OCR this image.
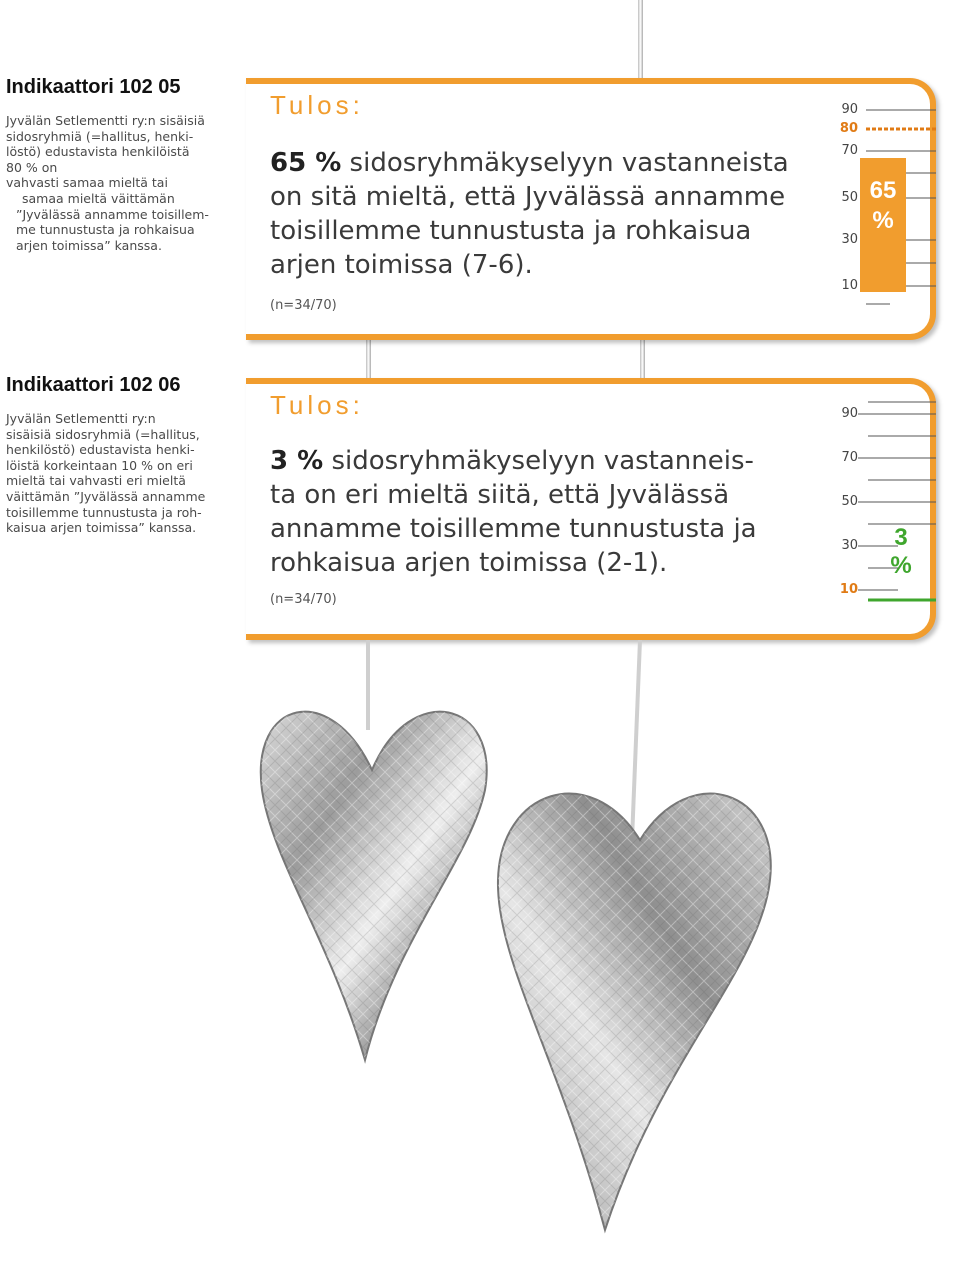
Indikaattori 102 05

Jyvälän Setlementti ry:n sisäisiä
sidosryhmiä (=hallitus, henki-
löstö) edustavista henkilöistä
80 % on
vahvasti samaa mieltä tai
samaa mieltä väittämän
”Jyvälässä annamme toisillem-
me tunnustusta ja rohkaisua
arjen toimissa” kanssa.

Tulos:
65 % sidosryhmäkyselyyn vastanneista
on sitä mieltä, että Jyvälässä annamme
toisillemme tunnustusta ja rohkaisua
arjen toimissa (7-6).
(n=34/70)
90
80
70
50
30
10
65
%
Indikaattori 102 06

Jyvälän Setlementti ry:n
sisäisiä sidosryhmiä (=hallitus,
henkilöstö) edustavista henki-
löistä korkeintaan 10 % on eri
mieltä tai vahvasti eri mieltä
väittämän ”Jyvälässä annamme
toisillemme tunnustusta ja roh-
kaisua arjen toimissa” kanssa.

Tulos:
3 % sidosryhmäkyselyyn vastanneis-
ta on eri mieltä siitä, että Jyvälässä
annamme toisillemme tunnustusta ja
rohkaisua arjen toimissa (2-1).
(n=34/70)
90
70
50
30
10
3
%
